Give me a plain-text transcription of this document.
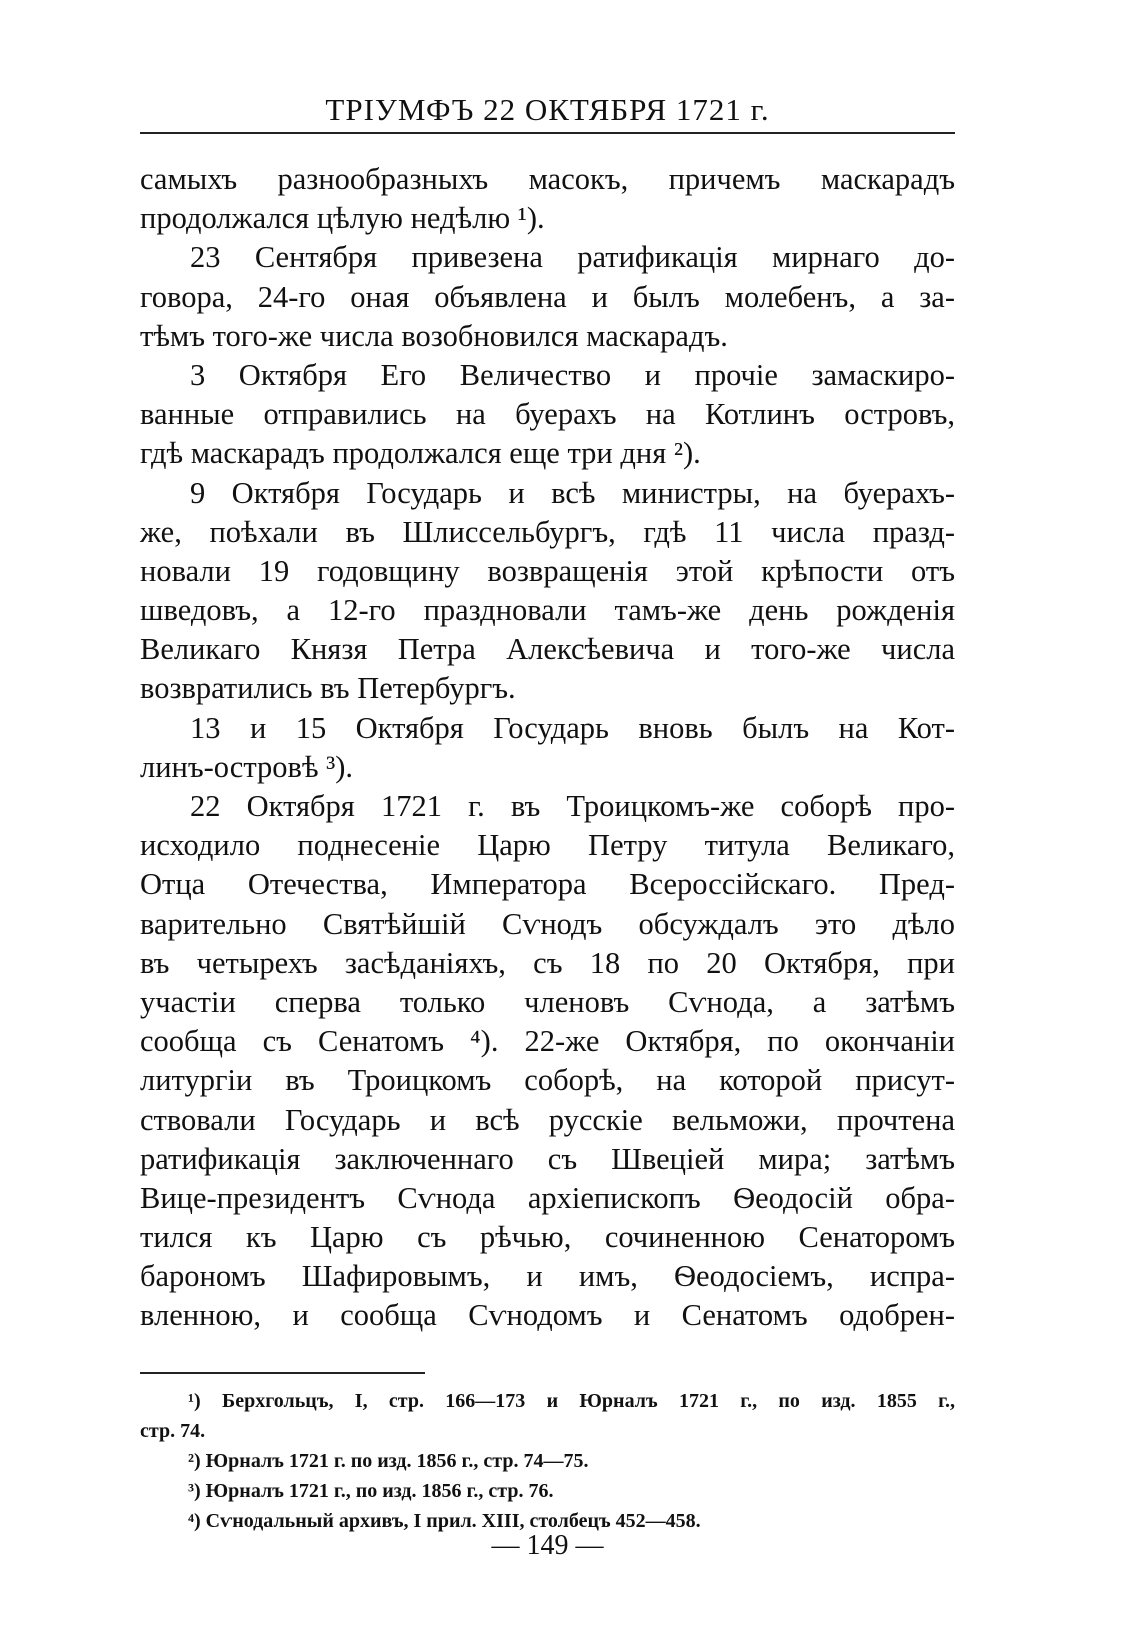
ТРІУМФЪ 22 ОКТЯБРЯ 1721 г.
самыхъ разнообразныхъ масокъ, причемъ маскарадъ
продолжался цѣлую недѣлю ¹).
23 Сентября привезена ратификація мирнаго до-
говора, 24-го оная объявлена и былъ молебенъ, а за-
тѣмъ того-же числа возобновился маскарадъ.
3 Октября Его Величество и прочіе замаскиро-
ванные отправились на буерахъ на Котлинъ островъ,
гдѣ маскарадъ продолжался еще три дня ²).
9 Октября Государь и всѣ министры, на буерахъ-
же, поѣхали въ Шлиссельбургъ, гдѣ 11 числа празд-
новали 19 годовщину возвращенія этой крѣпости отъ
шведовъ, а 12-го праздновали тамъ-же день рожденія
Великаго Князя Петра Алексѣевича и того-же числа
возвратились въ Петербургъ.
13 и 15 Октября Государь вновь былъ на Кот-
линъ-островѣ ³).
22 Октября 1721 г. въ Троицкомъ-же соборѣ про-
исходило поднесеніе Царю Петру титула Великаго,
Отца Отечества, Императора Всероссійскаго. Пред-
варительно Святѣйшій Сѵнодъ обсуждалъ это дѣло
въ четырехъ засѣданіяхъ, съ 18 по 20 Октября, при
участіи сперва только членовъ Сѵнода, а затѣмъ
сообща съ Сенатомъ ⁴). 22-же Октября, по окончаніи
литургіи въ Троицкомъ соборѣ, на которой присут-
ствовали Государь и всѣ русскіе вельможи, прочтена
ратификація заключеннаго съ Швеціей мира; затѣмъ
Вице-президентъ Сѵнода архіепископъ Ѳеодосій обра-
тился къ Царю съ рѣчью, сочиненною Сенаторомъ
барономъ Шафировымъ, и имъ, Ѳеодосіемъ, испра-
вленною, и сообща Сѵнодомъ и Сенатомъ одобрен-
¹) Берхгольцъ, I, стр. 166—173 и Юрналъ 1721 г., по изд. 1855 г.,
стр. 74.
²) Юрналъ 1721 г. по изд. 1856 г., стр. 74—75.
³) Юрналъ 1721 г., по изд. 1856 г., стр. 76.
⁴) Сѵнодальный архивъ, I прил. XIII, столбецъ 452—458.
— 149 —
